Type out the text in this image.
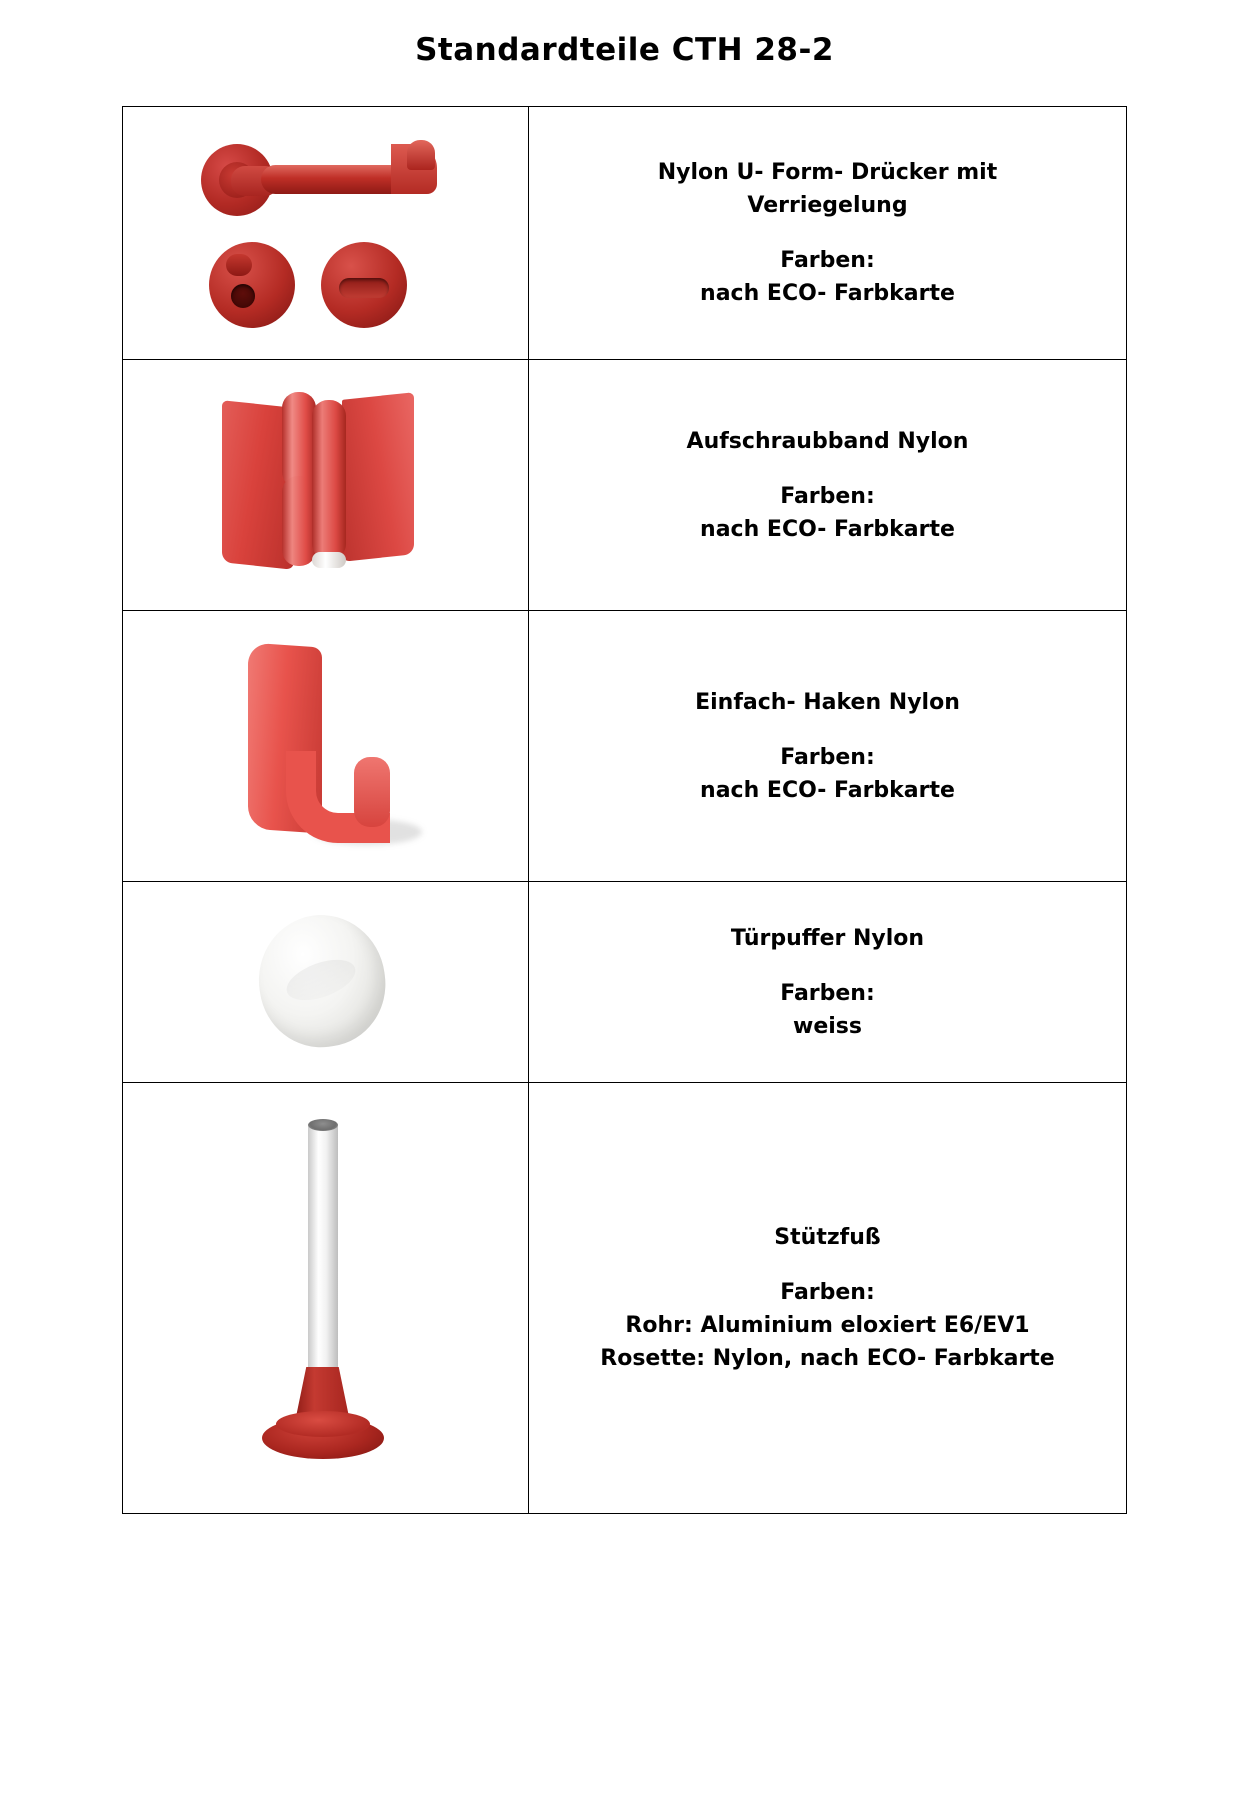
Standardteile CTH 28-2

	Nylon U- Form- Drücker mit
Verriegelung
Farben:
nach ECO- Farbkarte

	Aufschraubband Nylon
Farben:
nach ECO- Farbkarte

	Einfach- Haken Nylon
Farben:
nach ECO- Farbkarte

	Türpuffer Nylon
Farben:
weiss

	Stützfuß
Farben:
Rohr: Aluminium eloxiert E6/EV1
Rosette: Nylon, nach ECO- Farbkarte
